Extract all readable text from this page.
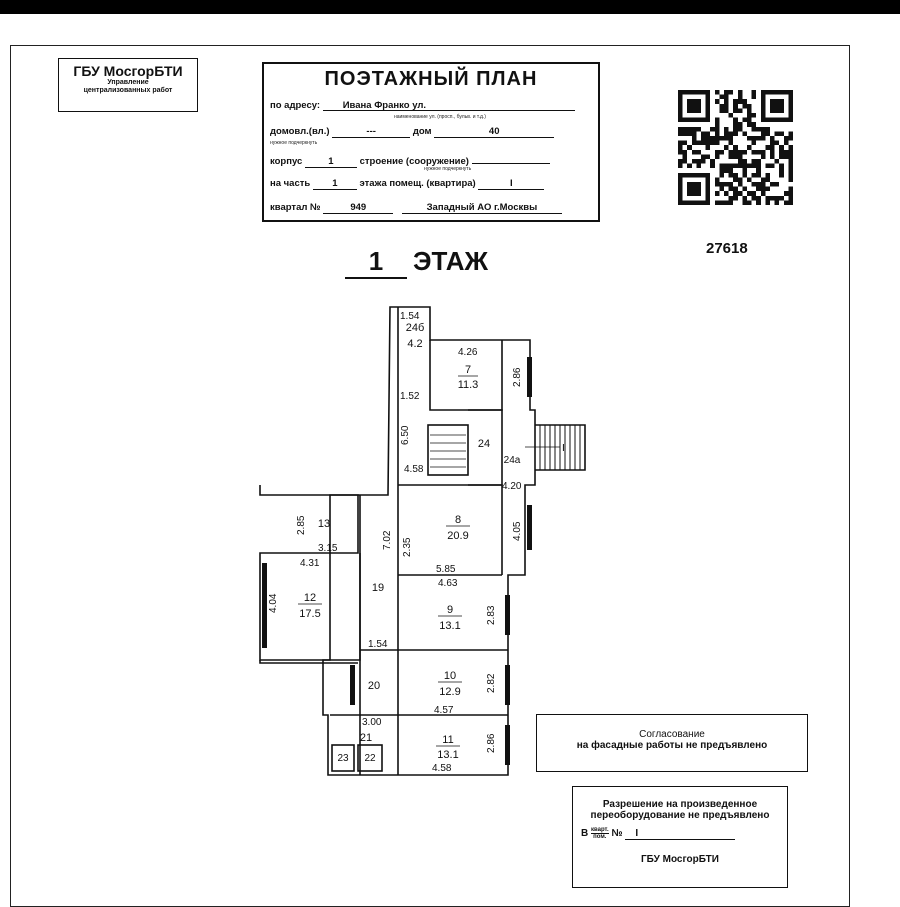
ГБУ МосгорБТИ
Управление
централизованных работ
ПОЭТАЖНЫЙ ПЛАН
по адресу: Ивана Франко ул.
наименование ул. (просп., бульв. и т.д.)
домовл.(вл.)	---	дом	40
нужное подчеркнуть
корпус	1	строение (сооружение)
нужное подчеркнуть
на часть 1 этажа помещ. (квартира)	I
квартал №	949	Западный АО г.Москвы
27618
1 ЭТАЖ
I
1.54
4.26
2.86
1.52
6.50
4.58
4.20
2.85
7.02 2.35
4.05
3.15
5.85
4.31
4.63
4.04
2.83
1.54
2.82
4.57
3.00
2.86
4.58
24б
4.2
7
11.3
24
24а
8
20.9
13
12
17.5
19
9
13.1
20
10
12.9
21	11
13.1
23 22
Согласование
на фасадные работы не предъявлено
Разрешение на произведенное
переоборудование не предъявлено
В кварт.
пом. № I
ГБУ МосгорБТИ
